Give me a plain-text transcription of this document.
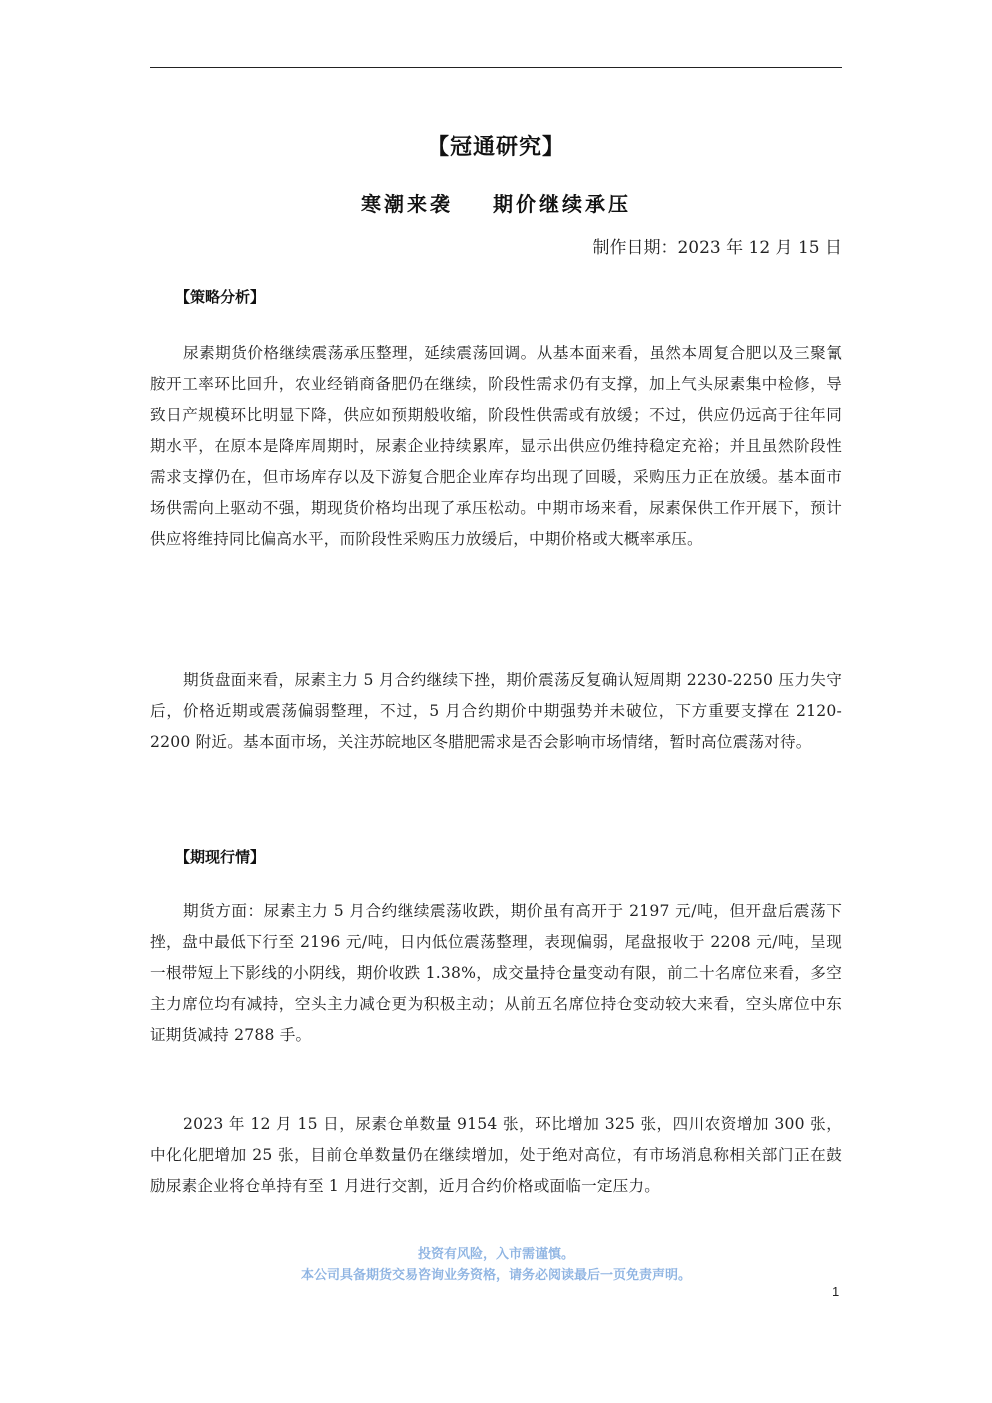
【冠通研究】
寒潮来袭 期价继续承压
制作日期：2023 年 12 月 15 日
【策略分析】
尿素期货价格继续震荡承压整理，延续震荡回调。从基本面来看，虽然本周复合肥以及三聚氰胺开工率环比回升，农业经销商备肥仍在继续，阶段性需求仍有支撑，加上气头尿素集中检修，导致日产规模环比明显下降，供应如预期般收缩，阶段性供需或有放缓；不过，供应仍远高于往年同期水平，在原本是降库周期时，尿素企业持续累库，显示出供应仍维持稳定充裕；并且虽然阶段性需求支撑仍在，但市场库存以及下游复合肥企业库存均出现了回暖，采购压力正在放缓。基本面市场供需向上驱动不强，期现货价格均出现了承压松动。中期市场来看，尿素保供工作开展下，预计供应将维持同比偏高水平，而阶段性采购压力放缓后，中期价格或大概率承压。
期货盘面来看，尿素主力 5 月合约继续下挫，期价震荡反复确认短周期 2230-2250 压力失守后，价格近期或震荡偏弱整理，不过，5 月合约期价中期强势并未破位，下方重要支撑在 2120-2200 附近。基本面市场，关注苏皖地区冬腊肥需求是否会影响市场情绪，暂时高位震荡对待。
【期现行情】
期货方面：尿素主力 5 月合约继续震荡收跌，期价虽有高开于 2197 元/吨，但开盘后震荡下挫，盘中最低下行至 2196 元/吨，日内低位震荡整理，表现偏弱，尾盘报收于 2208 元/吨，呈现一根带短上下影线的小阴线，期价收跌 1.38%，成交量持仓量变动有限，前二十名席位来看，多空主力席位均有减持，空头主力减仓更为积极主动；从前五名席位持仓变动较大来看，空头席位中东证期货减持 2788 手。
2023 年 12 月 15 日，尿素仓单数量 9154 张，环比增加 325 张，四川农资增加 300 张，中化化肥增加 25 张，目前仓单数量仍在继续增加，处于绝对高位，有市场消息称相关部门正在鼓励尿素企业将仓单持有至 1 月进行交割，近月合约价格或面临一定压力。
投资有风险，入市需谨慎。
本公司具备期货交易咨询业务资格，请务必阅读最后一页免责声明。
1
